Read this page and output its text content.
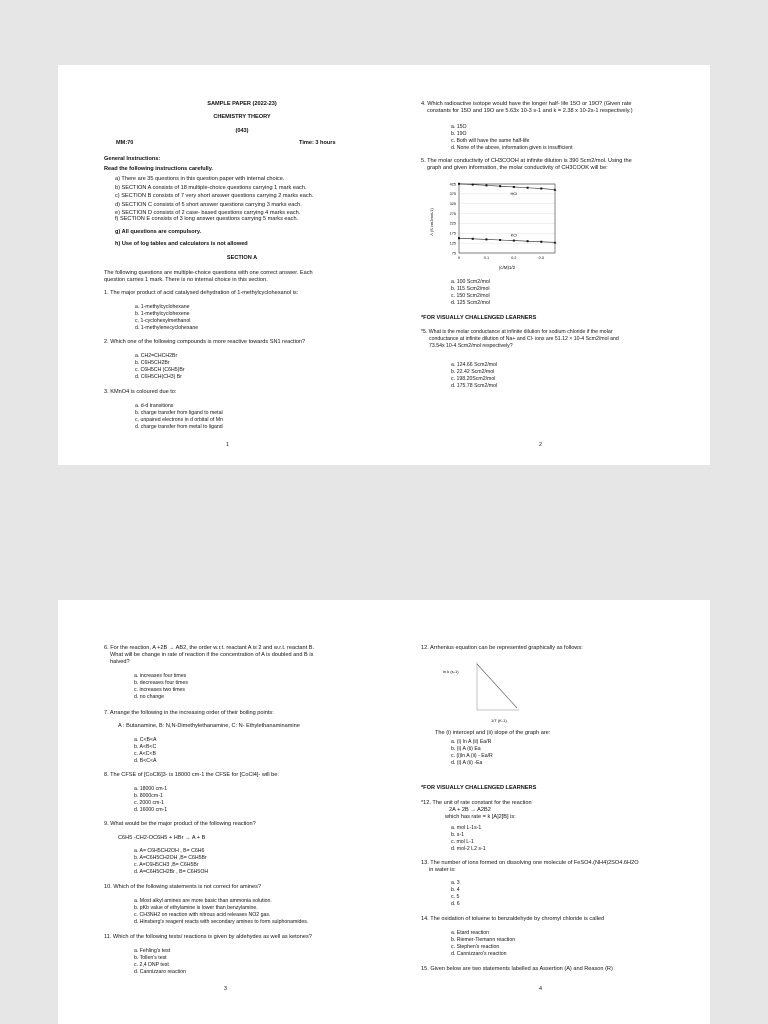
SAMPLE PAPER (2022-23)
CHEMISTRY THEORY
(043)
MM:70	Time: 3 hours
General Instructions:
Read the following instructions carefully.
a) There are 35 questions in this question paper with internal choice.
b) SECTION A consists of 18 multiple-choice questions carrying 1 mark each.
c) SECTION B consists of 7 very short answer questions carrying 2 marks each.
d) SECTION C consists of 5 short answer questions carrying 3 marks each.
e) SECTION D consists of 2 case- based questions carrying 4 marks each.
f) SECTION E consists of 3 long answer questions carrying 5 marks each.
g) All questions are compulsory.
h) Use of log tables and calculators is not allowed
SECTION A
The following questions are multiple-choice questions with one correct answer. Each
question carries 1 mark. There is no internal choice in this section.
1. The major product of acid catalysed dehydration of 1-methylcyclohexanol is:
a. 1-methylcyclohexane
b. 1-methylcyclohexene
c. 1-cyclohexylmethanol
d. 1-methylenecyclohexane
2. Which one of the following compounds is more reactive towards SN1 reaction?
a. CH2=CHCH2Br
b. C6H5CH2Br
c. C6H5CH (C6H5)Br
d. C6H5CH(CH3) Br
3. KMnO4 is coloured due to:
a. d-d transitions
b. charge transfer from ligand to metal
c. unpaired electrons in d orbital of Mn
d. charge transfer from metal to ligand
1
4. Which radioactive isotope would have the longer half- life 15O or 19O? (Given rate
constants for 15O and 19O are 5.63x 10-3 s-1 and k = 2.38 x 10-2s-1 respectively.)
a. 15O
b. 19O
c. Both will have the same half-life
d. None of the above, information given is insufficient
5. The molar conductivity of CH3COOH at infinite dilution is 390 Scm2/mol. Using the
graph and given information, the molar conductivity of CH3COOK will be:
Λ (S cm2mol-1)
(c/M)1/2
425
375
325
275
225
175
125
75
0	0.1	0.2	0.3
HCl
KCl
a. 100 Scm2/mol
b. 115 Scm2/mol
c. 150 Scm2/mol
d. 125 Scm2/mol
*FOR VISUALLY CHALLENGED LEARNERS
*5. What is the molar conductance at infinite dilution for sodium chloride if the molar
conductance at infinite dilution of Na+ and Cl- ions are 51.12 × 10-4 Scm2/mol and
73.54x 10-4 Scm2/mol respectively?
a. 124.66 Scm2/mol
b. 22.42 Scm2/mol
c. 198.20Scm2/mol
d. 175.78 Scm2/mol
2
6. For the reaction, A +2B → AB2, the order w.r.t. reactant A is 2 and w.r.t. reactant B.
What will be change in rate of reaction if the concentration of A is doubled and B is
halved?
a. increases four times
b. decreases four times
c. increases two times
d. no change
7. Arrange the following in the increasing order of their boiling points:
A : Butanamine, B: N,N-Dimethylethanamine, C: N- Ethylethanaminamine
a. C<B<A
b. A<B<C
c. A<C<B
d. B<C<A
8. The CFSE of [CoCl6]3- is 18000 cm-1 the CFSE for [CoCl4]- will be:
a. 18000 cm-1
b. 8000cm-1
c. 2000 cm-1
d. 16000 cm-1
9. What would be the major product of the following reaction?
C6H5 -CH2-OC6H5 + HBr → A + B
a. A= C6H5CH2OH , B= C6H6
b. A=C6H5CH2OH ,B= C6H5Br
c. A=C6H5CH3 ,B= C6H5Br
d. A=C6H5CH2Br , B= C6H5OH
10. Which of the following statements is not correct for amines?
a. Most alkyl amines are more basic than ammonia solution.
b. pKb value of ethylamine is lower than benzylamine.
c. CH3NH2 on reaction with nitrous acid releases NO2 gas.
d. Hinsberg's reagent reacts with secondary amines to form sulphonamides.
11. Which of the following tests/ reactions is given by aldehydes as well as ketones?
a. Fehling's test
b. Tollen's test
c. 2,4 DNP test
d. Cannizzaro reaction
3
12. Arrhenius equation can be represented graphically as follows:
ln k (s-1)
1/T (K-1)
The (i) intercept and (ii) slope of the graph are:
a. (i) ln A (ii) Ea/R
b. (i) A (ii) Ea
c. (i)ln A (ii) - Ea/R
d. (i) A (ii) -Ea
*FOR VISUALLY CHALLENGED LEARNERS
*12. The unit of rate constant for the reaction
2A + 2B → A2B2
which has rate = k [A]2[B] is:
a. mol L-1s-1
b. s-1
c. mol L-1
d. mol-2 L2 s-1
13. The number of ions formed on dissolving one molecule of FeSO4.(NH4)2SO4.6H2O
in water is:
a. 3
b. 4
c. 5
d. 6
14. The oxidation of toluene to benzaldehyde by chromyl chloride is called
a. Etard reaction
b. Riemer-Tiemann reaction
c. Stephen's reaction
d. Cannizzaro's reaction
15. Given below are two statements labelled as Assertion (A) and Reason (R)
4
